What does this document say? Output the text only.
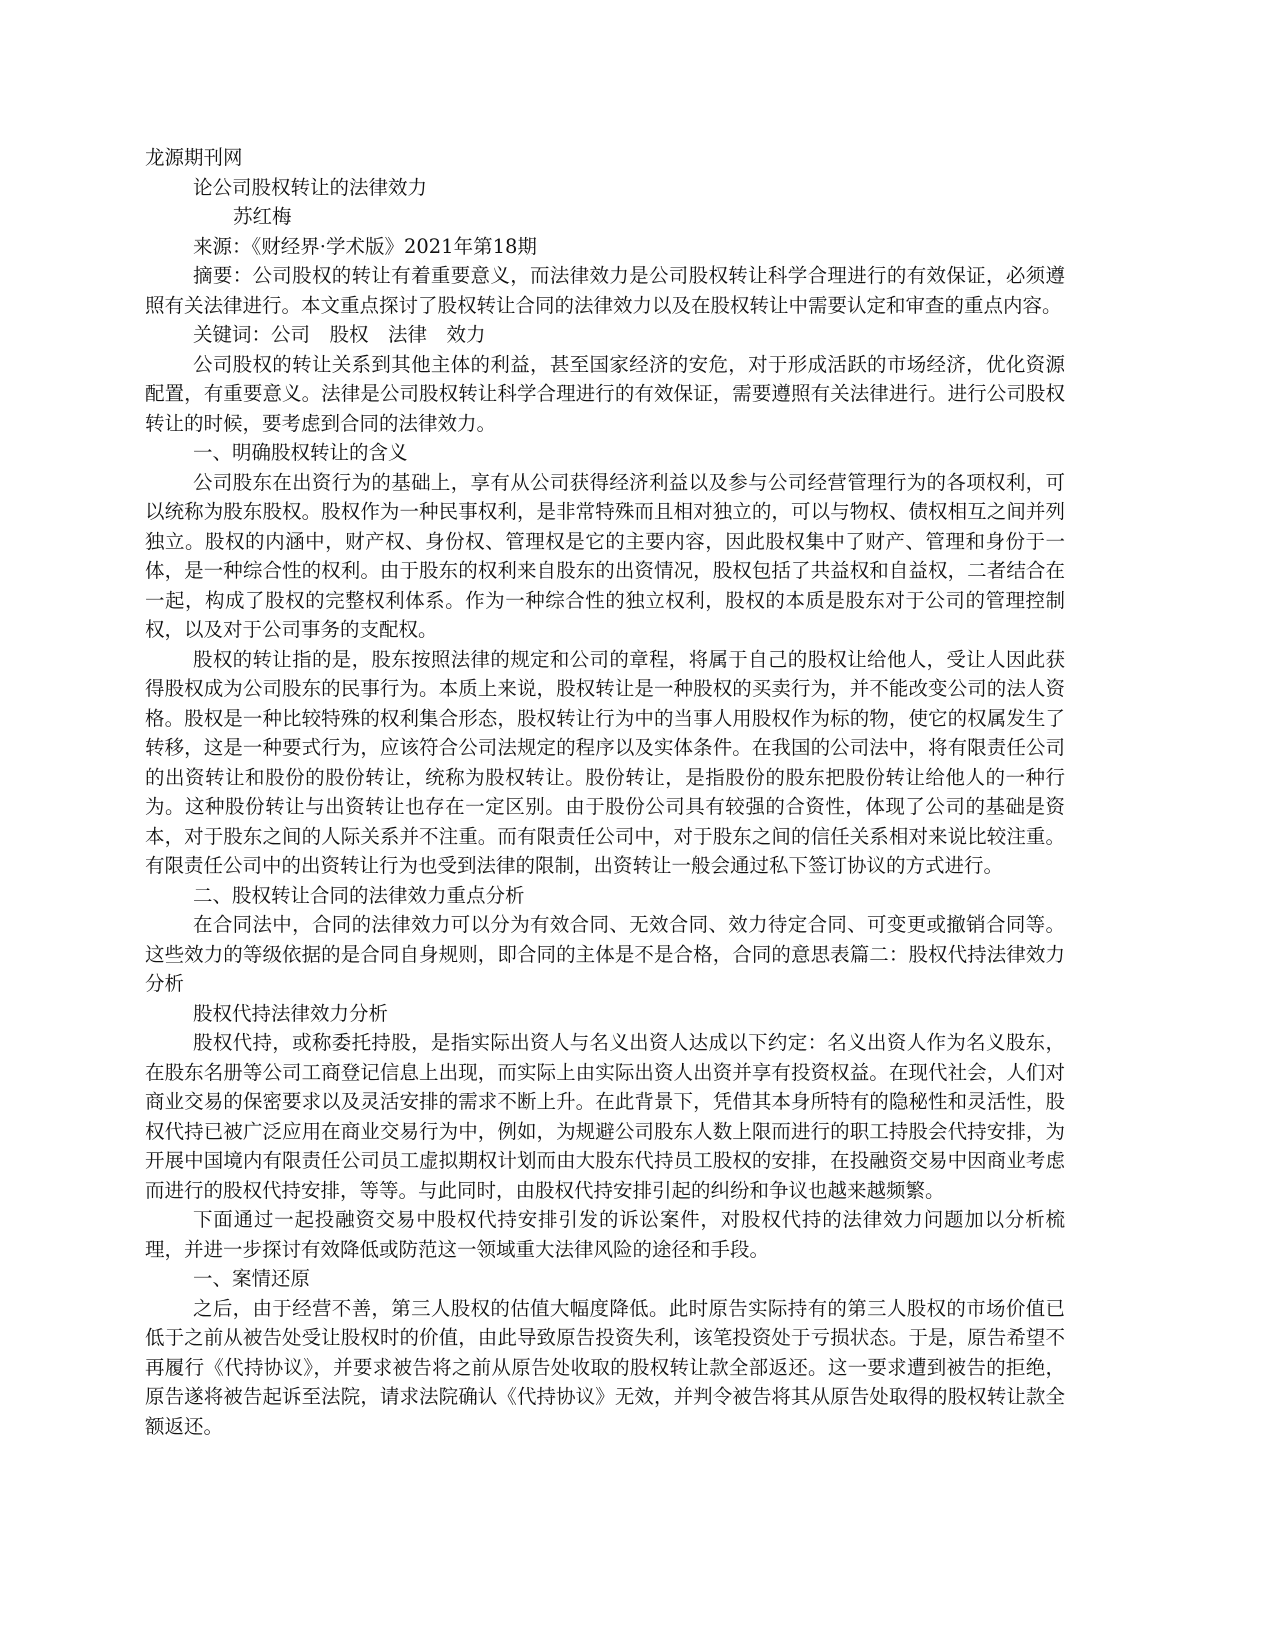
龙源期刊网

论公司股权转让的法律效力

苏红梅

来源：《财经界·学术版》2021年第18期

摘要：公司股权的转让有着重要意义，而法律效力是公司股权转让科学合理进行的有效保证，必须遵照有关法律进行。本文重点探讨了股权转让合同的法律效力以及在股权转让中需要认定和审查的重点内容。

关键词：公司　股权　法律　效力

公司股权的转让关系到其他主体的利益，甚至国家经济的安危，对于形成活跃的市场经济，优化资源配置，有重要意义。法律是公司股权转让科学合理进行的有效保证，需要遵照有关法律进行。进行公司股权转让的时候，要考虑到合同的法律效力。

一、明确股权转让的含义

公司股东在出资行为的基础上，享有从公司获得经济利益以及参与公司经营管理行为的各项权利，可以统称为股东股权。股权作为一种民事权利，是非常特殊而且相对独立的，可以与物权、债权相互之间并列独立。股权的内涵中，财产权、身份权、管理权是它的主要内容，因此股权集中了财产、管理和身份于一体，是一种综合性的权利。由于股东的权利来自股东的出资情况，股权包括了共益权和自益权，二者结合在一起，构成了股权的完整权利体系。作为一种综合性的独立权利，股权的本质是股东对于公司的管理控制权，以及对于公司事务的支配权。

股权的转让指的是，股东按照法律的规定和公司的章程，将属于自己的股权让给他人，受让人因此获得股权成为公司股东的民事行为。本质上来说，股权转让是一种股权的买卖行为，并不能改变公司的法人资格。股权是一种比较特殊的权利集合形态，股权转让行为中的当事人用股权作为标的物，使它的权属发生了转移，这是一种要式行为，应该符合公司法规定的程序以及实体条件。在我国的公司法中，将有限责任公司的出资转让和股份的股份转让，统称为股权转让。股份转让，是指股份的股东把股份转让给他人的一种行为。这种股份转让与出资转让也存在一定区别。由于股份公司具有较强的合资性，体现了公司的基础是资本，对于股东之间的人际关系并不注重。而有限责任公司中，对于股东之间的信任关系相对来说比较注重。有限责任公司中的出资转让行为也受到法律的限制，出资转让一般会通过私下签订协议的方式进行。

二、股权转让合同的法律效力重点分析

在合同法中，合同的法律效力可以分为有效合同、无效合同、效力待定合同、可变更或撤销合同等。这些效力的等级依据的是合同自身规则，即合同的主体是不是合格，合同的意思表篇二：股权代持法律效力分析

股权代持法律效力分析

股权代持，或称委托持股，是指实际出资人与名义出资人达成以下约定：名义出资人作为名义股东，在股东名册等公司工商登记信息上出现，而实际上由实际出资人出资并享有投资权益。在现代社会，人们对商业交易的保密要求以及灵活安排的需求不断上升。在此背景下，凭借其本身所特有的隐秘性和灵活性，股权代持已被广泛应用在商业交易行为中，例如，为规避公司股东人数上限而进行的职工持股会代持安排，为开展中国境内有限责任公司员工虚拟期权计划而由大股东代持员工股权的安排，在投融资交易中因商业考虑而进行的股权代持安排，等等。与此同时，由股权代持安排引起的纠纷和争议也越来越频繁。

下面通过一起投融资交易中股权代持安排引发的诉讼案件，对股权代持的法律效力问题加以分析梳理，并进一步探讨有效降低或防范这一领域重大法律风险的途径和手段。

一、案情还原

之后，由于经营不善，第三人股权的估值大幅度降低。此时原告实际持有的第三人股权的市场价值已低于之前从被告处受让股权时的价值，由此导致原告投资失利，该笔投资处于亏损状态。于是，原告希望不再履行《代持协议》，并要求被告将之前从原告处收取的股权转让款全部返还。这一要求遭到被告的拒绝，原告遂将被告起诉至法院，请求法院确认《代持协议》无效，并判令被告将其从原告处取得的股权转让款全额返还。
